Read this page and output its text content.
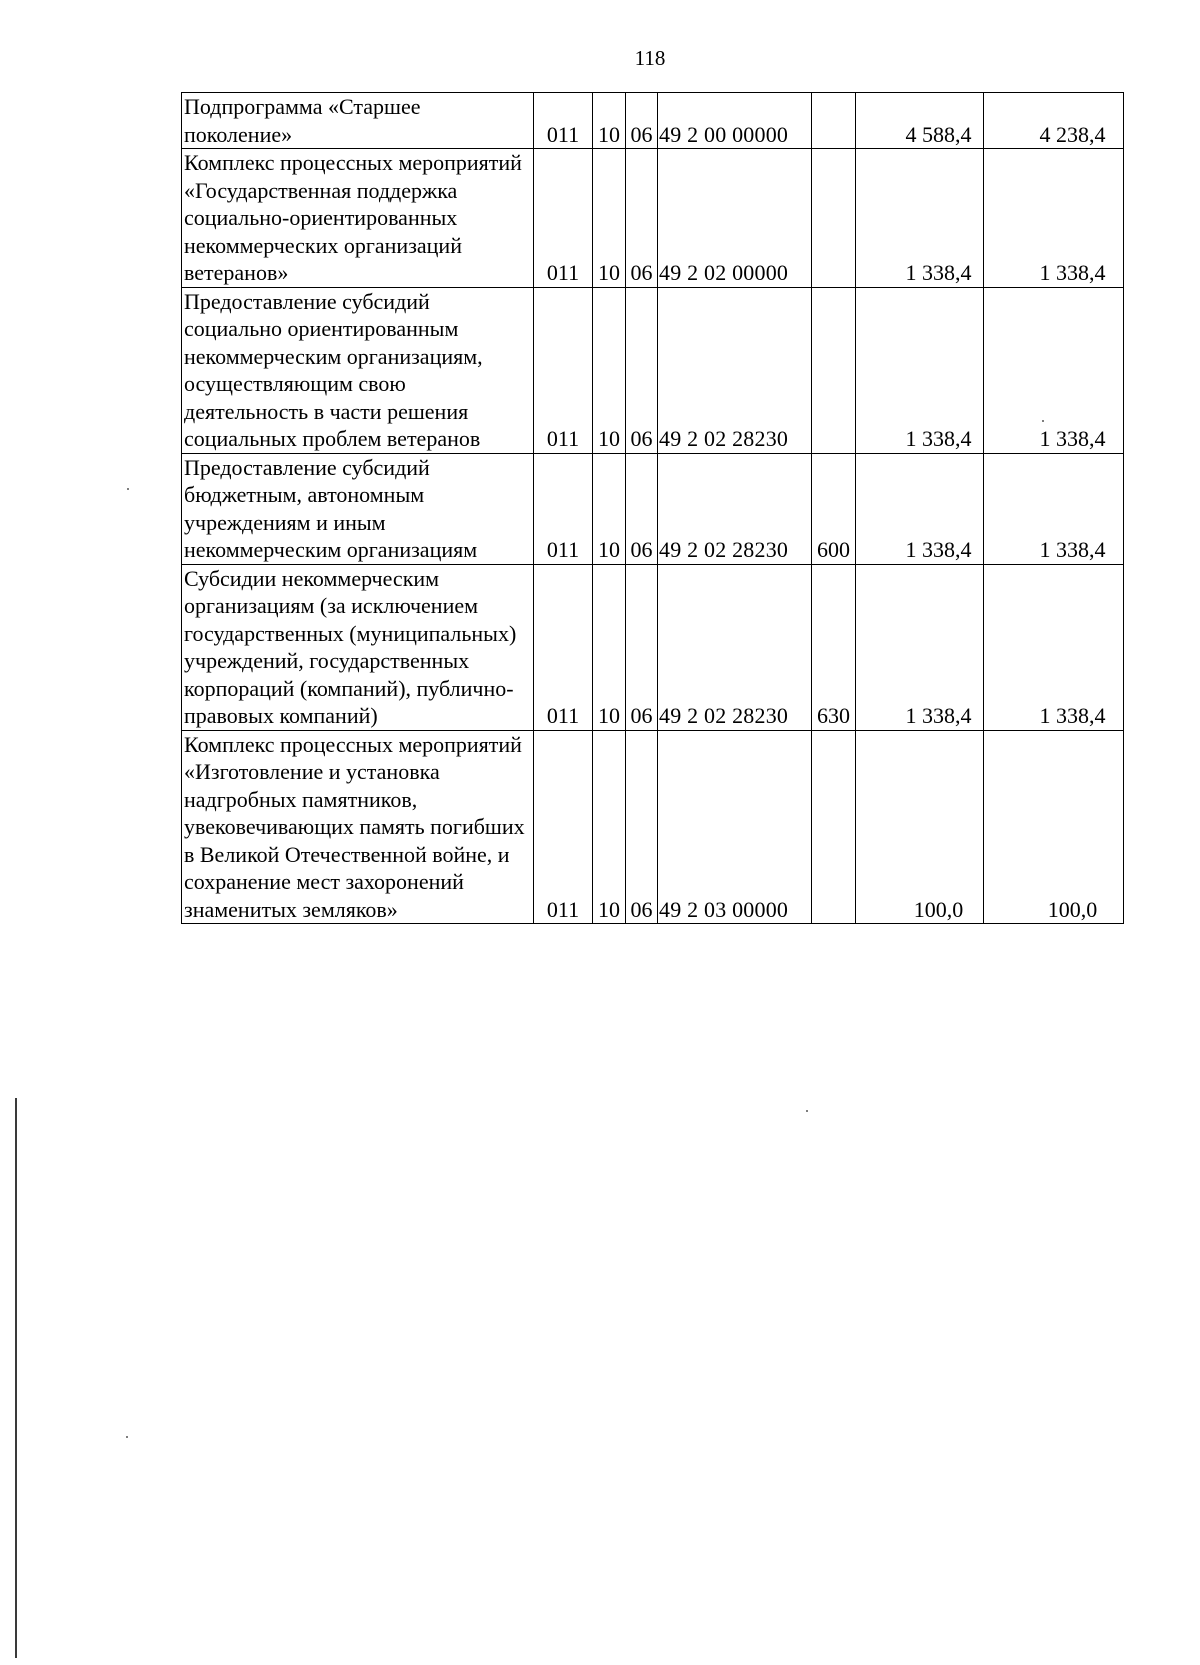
118
Подпрограмма «Старшее поколение»	011	10	06	49 2 00 00000		4 588,4	4 238,4
Комплекс процессных мероприятий «Государственная поддержка социально-ориентированных некоммерческих организаций ветеранов»	011	10	06	49 2 02 00000		1 338,4	1 338,4
Предоставление субсидий социально ориентированным некоммерческим организациям, осуществляющим свою деятельность в части решения социальных проблем ветеранов	011	10	06	49 2 02 28230		1 338,4	1 338,4
Предоставление субсидий бюджетным, автономным учреждениям и иным некоммерческим организациям	011	10	06	49 2 02 28230	600	1 338,4	1 338,4
Субсидии некоммерческим организациям (за исключением государственных (муниципальных) учреждений, государственных корпораций (компаний), публично-правовых компаний)	011	10	06	49 2 02 28230	630	1 338,4	1 338,4
Комплекс процессных мероприятий «Изготовление и установка надгробных памятников, увековечивающих память погибших в Великой Отечественной войне, и сохранение мест захоронений знаменитых земляков»	011	10	06	49 2 03 00000		100,0	100,0
